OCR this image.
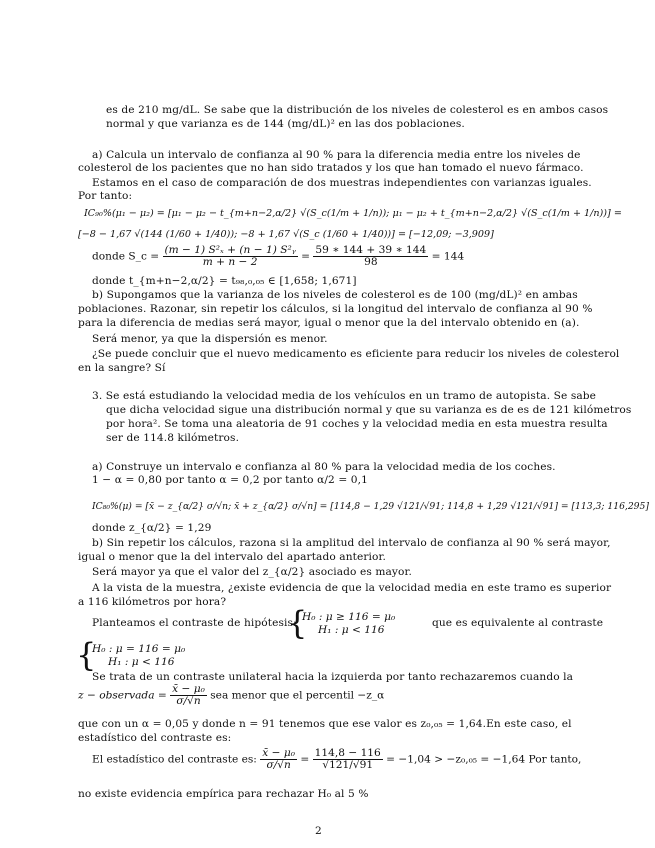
es de 210 mg/dL. Se sabe que la distribución de los niveles de colesterol es en ambos casos
normal y que varianza es de 144 (mg/dL)² en las dos poblaciones.
a) Calcula un intervalo de confianza al 90 % para la diferencia media entre los niveles de
colesterol de los pacientes que no han sido tratados y los que han tomado el nuevo fármaco.
Estamos en el caso de comparación de dos muestras independientes con varianzas iguales.
Por tanto:
IC₉₀%(μ₁ − μ₂) = [μ₁ − μ₂ − t_{m+n−2,α/2} √(S_c(1/m + 1/n)); μ₁ − μ₂ + t_{m+n−2,α/2} √(S_c(1/m + 1/n))] =
[−8 − 1,67 √(144 (1/60 + 1/40)); −8 + 1,67 √(S_c (1/60 + 1/40))] = [−12,09; −3,909]
donde S_c = $\frac{\text{(m − 1) S²ₓ + (n − 1) S²ᵧ}}{m + n - 2} = \frac{59 ∗ 144 + 39 ∗ 144}{98} = 144$
donde t_{m+n−2,α/2} = t₉₈,₀,₀₅ ∈ [1,658; 1,671]
b) Supongamos que la varianza de los niveles de colesterol es de 100 (mg/dL)² en ambas
poblaciones. Razonar, sin repetir los cálculos, si la longitud del intervalo de confianza al 90 %
para la diferencia de medias será mayor, igual o menor que la del intervalo obtenido en (a).
Será menor, ya que la dispersión es menor.
¿Se puede concluir que el nuevo medicamento es eficiente para reducir los niveles de colesterol
en la sangre? Sí
3. Se está estudiando la velocidad media de los vehículos en un tramo de autopista. Se sabe
que dicha velocidad sigue una distribución normal y que su varianza es de es de 121 kilómetros
por hora². Se toma una aleatoria de 91 coches y la velocidad media en esta muestra resulta
ser de 114.8 kilómetros.
a) Construye un intervalo e confianza al 80 % para la velocidad media de los coches.
1 − α = 0,80 por tanto α = 0,2 por tanto α/2 = 0,1
IC₈₀%(μ) = [x̄ − z_{α/2} σ/√n; x̄ + z_{α/2} σ/√n] = [114,8 − 1,29 √121/√91; 114,8 + 1,29 √121/√91] = [113,3; 116,295]
donde z_{α/2} = 1,29
b) Sin repetir los cálculos, razona si la amplitud del intervalo de confianza al 90 % será mayor,
igual o menor que la del intervalo del apartado anterior.
Será mayor ya que el valor del z_{α/2} asociado es mayor.
A la vista de la muestra, ¿existe evidencia de que la velocidad media en este tramo es superior
a 116 kilómetros por hora?
Planteamos el contraste de hipótesis:
{
H₀ : μ ≥ 116 = μ₀
H₁ : μ < 116
que es equivalente al contraste
{
H₀ : μ = 116 = μ₀
H₁ : μ < 116
Se trata de un contraste unilateral hacia la izquierda por tanto rechazaremos cuando la
z − observada = $\frac{\text{x̄ − μ₀}}{\sigma/√n}$ sea menor que el percentil −z_α
que con un α = 0,05 y donde n = 91 tenemos que ese valor es z₀,₀₅ = 1,64.En este caso, el
estadístico del contraste es:
El estadístico del contraste es: $\frac{\text{x̄ − μ₀}}{\sigma/√n} = \frac{114,8 - 116}{√121/√91} = -1,04 > -z_0,_{05} = -1,64$ Por tanto,
no existe evidencia empírica para rechazar H₀ al 5 %
2
